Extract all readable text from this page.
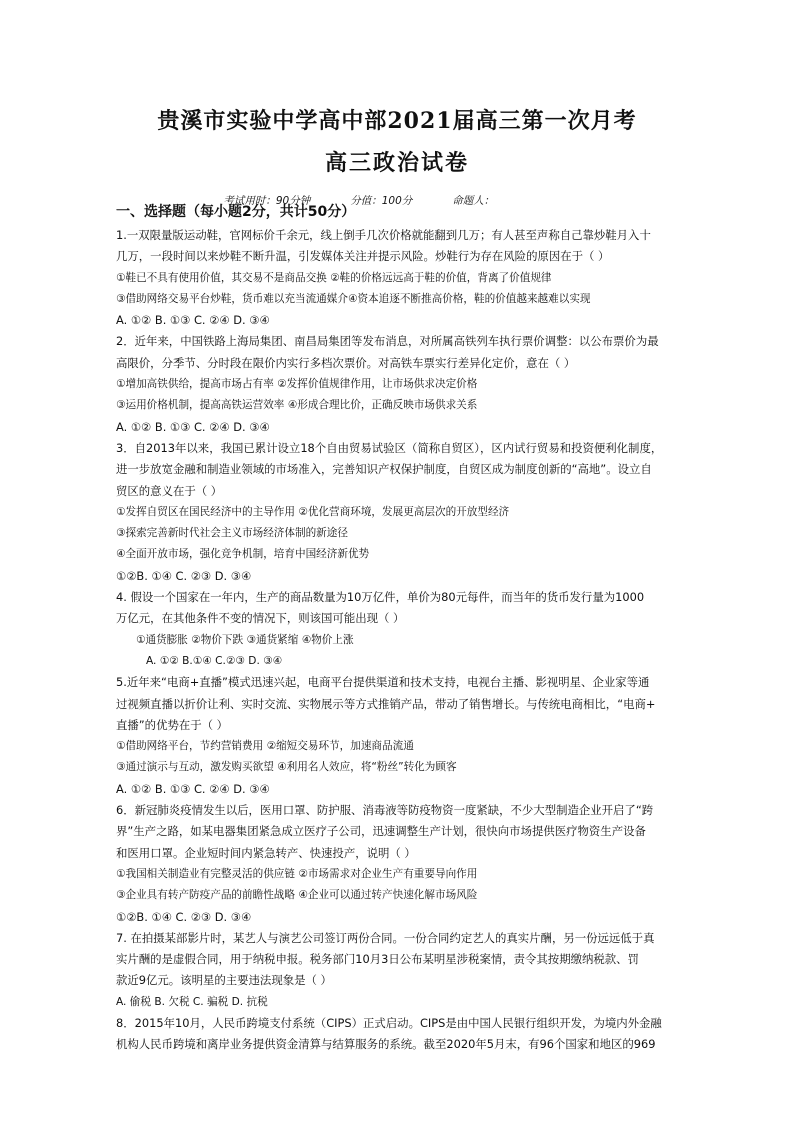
贵溪市实验中学高中部2021届高三第一次月考
高三政治试卷

考试用时：90分钟	分值：100分	命题人：

一、选择题（每小题2分，共计50分）
1.一双限量版运动鞋，官网标价千余元，线上倒手几次价格就能翻到几万；有人甚至声称自己靠炒鞋月入十
几万，一段时间以来炒鞋不断升温，引发媒体关注并提示风险。炒鞋行为存在风险的原因在于（ ）
①鞋已不具有使用价值，其交易不是商品交换 ②鞋的价格远远高于鞋的价值，背离了价值规律
③借助网络交易平台炒鞋，货币难以充当流通媒介④资本追逐不断推高价格，鞋的价值越来越难以实现
A. ①② B. ①③ C. ②④ D. ③④
2．近年来，中国铁路上海局集团、南昌局集团等发布消息，对所属高铁列车执行票价调整：以公布票价为最
高限价，分季节、分时段在限价内实行多档次票价。对高铁车票实行差异化定价，意在（ ）
①增加高铁供给，提高市场占有率 ②发挥价值规律作用，让市场供求决定价格
③运用价格机制，提高高铁运营效率 ④形成合理比价，正确反映市场供求关系
A. ①② B. ①③ C. ②④ D. ③④
3．自2013年以来，我国已累计设立18个自由贸易试验区（简称自贸区），区内试行贸易和投资便利化制度，
进一步放宽金融和制造业领域的市场准入，完善知识产权保护制度，自贸区成为制度创新的“高地”。设立自
贸区的意义在于（ ）
①发挥自贸区在国民经济中的主导作用 ②优化营商环境，发展更高层次的开放型经济
③探索完善新时代社会主义市场经济体制的新途径
④全面开放市场，强化竞争机制，培育中国经济新优势
①②B. ①④ C. ②③ D. ③④
4. 假设一个国家在一年内，生产的商品数量为10万亿件，单价为80元每件，而当年的货币发行量为1000
万亿元，在其他条件不变的情况下，则该国可能出现（ ）
①通货膨胀 ②物价下跌 ③通货紧缩 ④物价上涨
A. ①② B.①④ C.②③ D. ③④
5.近年来“电商+直播”模式迅速兴起，电商平台提供渠道和技术支持，电视台主播、影视明星、企业家等通
过视频直播以折价让利、实时交流、实物展示等方式推销产品，带动了销售增长。与传统电商相比，“电商+
直播”的优势在于（ ）
①借助网络平台，节约营销费用 ②缩短交易环节，加速商品流通
③通过演示与互动，激发购买欲望 ④利用名人效应，将“粉丝”转化为顾客
A. ①② B. ①③ C. ②④ D. ③④
6．新冠肺炎疫情发生以后，医用口罩、防护服、消毒液等防疫物资一度紧缺，不少大型制造企业开启了“跨
界”生产之路，如某电器集团紧急成立医疗子公司，迅速调整生产计划，很快向市场提供医疗物资生产设备
和医用口罩。企业短时间内紧急转产、快速投产，说明（ ）
①我国相关制造业有完整灵活的供应链 ②市场需求对企业生产有重要导向作用
③企业具有转产防疫产品的前瞻性战略 ④企业可以通过转产快速化解市场风险
①②B. ①④ C. ②③ D. ③④
7. 在拍摄某部影片时，某艺人与演艺公司签订两份合同。一份合同约定艺人的真实片酬，另一份远远低于真
实片酬的是虚假合同，用于纳税申报。税务部门10月3日公布某明星涉税案情，责令其按期缴纳税款、罚
款近9亿元。该明星的主要违法现象是（ ）
A. 偷税 B. 欠税 C. 骗税 D. 抗税
8．2015年10月，人民币跨境支付系统（CIPS）正式启动。CIPS是由中国人民银行组织开发，为境内外金融
机构人民币跨境和离岸业务提供资金清算与结算服务的系统。截至2020年5月末，有96个国家和地区的969
